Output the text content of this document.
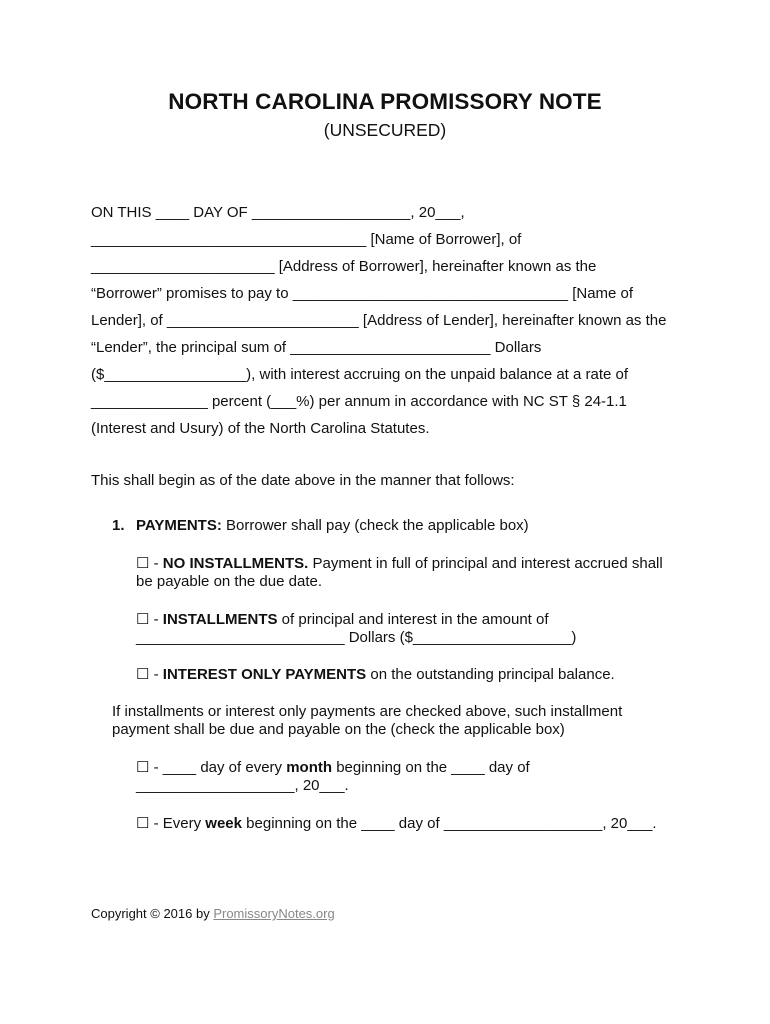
NORTH CAROLINA PROMISSORY NOTE
(UNSECURED)
ON THIS ____ DAY OF ___________________, 20___,
_________________________________ [Name of Borrower], of
______________________ [Address of Borrower], hereinafter known as the
“Borrower” promises to pay to _________________________________ [Name of
Lender], of _______________________ [Address of Lender], hereinafter known as the
“Lender”, the principal sum of ________________________ Dollars
($_________________), with interest accruing on the unpaid balance at a rate of
______________ percent (___%) per annum in accordance with NC ST § 24-1.1
(Interest and Usury) of the North Carolina Statutes.
This shall begin as of the date above in the manner that follows:
1. PAYMENTS: Borrower shall pay (check the applicable box)
☐ - NO INSTALLMENTS. Payment in full of principal and interest accrued shall
be payable on the due date.
☐ - INSTALLMENTS of principal and interest in the amount of
_________________________ Dollars ($___________________)
☐ - INTEREST ONLY PAYMENTS on the outstanding principal balance.
If installments or interest only payments are checked above, such installment
payment shall be due and payable on the (check the applicable box)
☐ - ____ day of every month beginning on the ____ day of
___________________, 20___.
☐ - Every week beginning on the ____ day of ___________________, 20___.
Copyright © 2016 by PromissoryNotes.org
